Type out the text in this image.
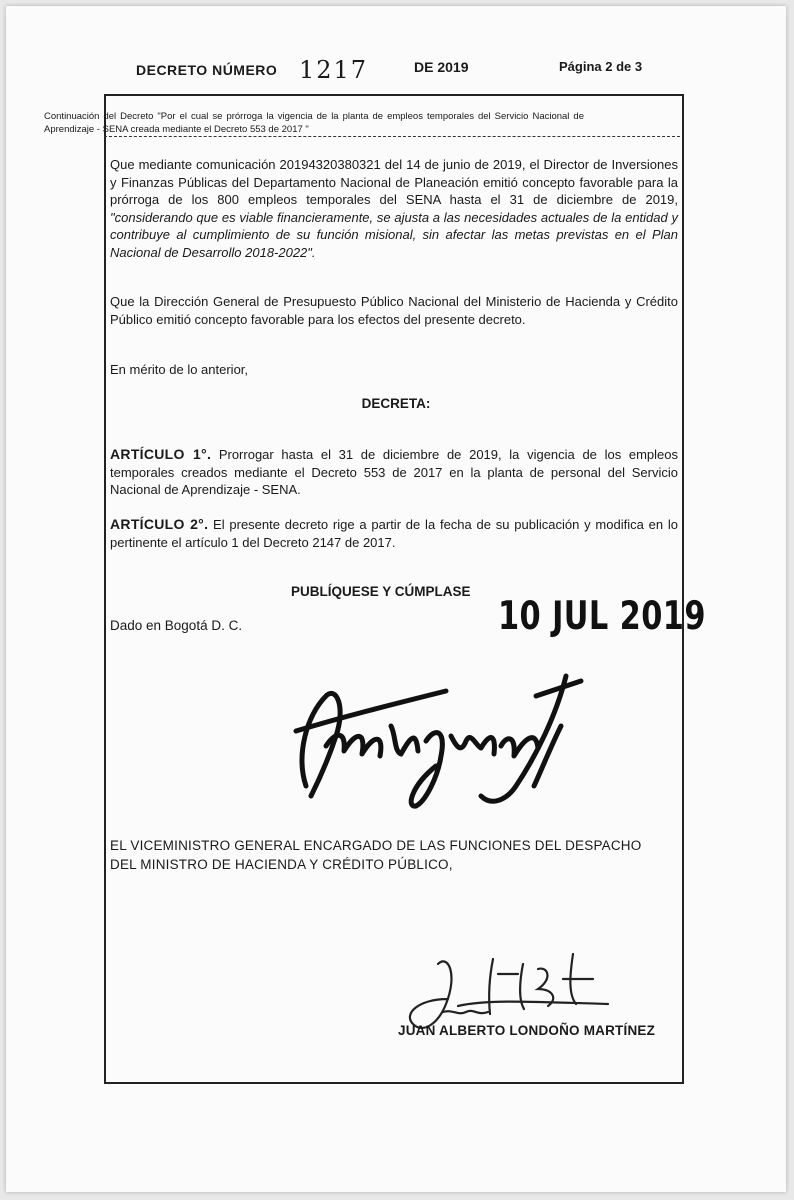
DECRETO NÚMERO 1217	DE 2019	Página 2 de 3
Continuación del Decreto "Por el cual se prórroga la vigencia de la planta de empleos temporales del Servicio Nacional de Aprendizaje - SENA creada mediante el Decreto 553 de 2017 "
Que mediante comunicación 20194320380321 del 14 de junio de 2019, el Director de Inversiones y Finanzas Públicas del Departamento Nacional de Planeación emitió concepto favorable para la prórroga de los 800 empleos temporales del SENA hasta el 31 de diciembre de 2019, "considerando que es viable financieramente, se ajusta a las necesidades actuales de la entidad y contribuye al cumplimiento de su función misional, sin afectar las metas previstas en el Plan Nacional de Desarrollo 2018-2022".
Que la Dirección General de Presupuesto Público Nacional del Ministerio de Hacienda y Crédito Público emitió concepto favorable para los efectos del presente decreto.
En mérito de lo anterior,
DECRETA:
ARTÍCULO 1°. Prorrogar hasta el 31 de diciembre de 2019, la vigencia de los empleos temporales creados mediante el Decreto 553 de 2017 en la planta de personal del Servicio Nacional de Aprendizaje - SENA.
ARTÍCULO 2°. El presente decreto rige a partir de la fecha de su publicación y modifica en lo pertinente el artículo 1 del Decreto 2147 de 2017.
PUBLÍQUESE Y CÚMPLASE
Dado en Bogotá D. C.	10 JUL 2019
EL VICEMINISTRO GENERAL ENCARGADO DE LAS FUNCIONES DEL DESPACHO DEL MINISTRO DE HACIENDA Y CRÉDITO PÚBLICO,
JUAN ALBERTO LONDOÑO MARTÍNEZ
